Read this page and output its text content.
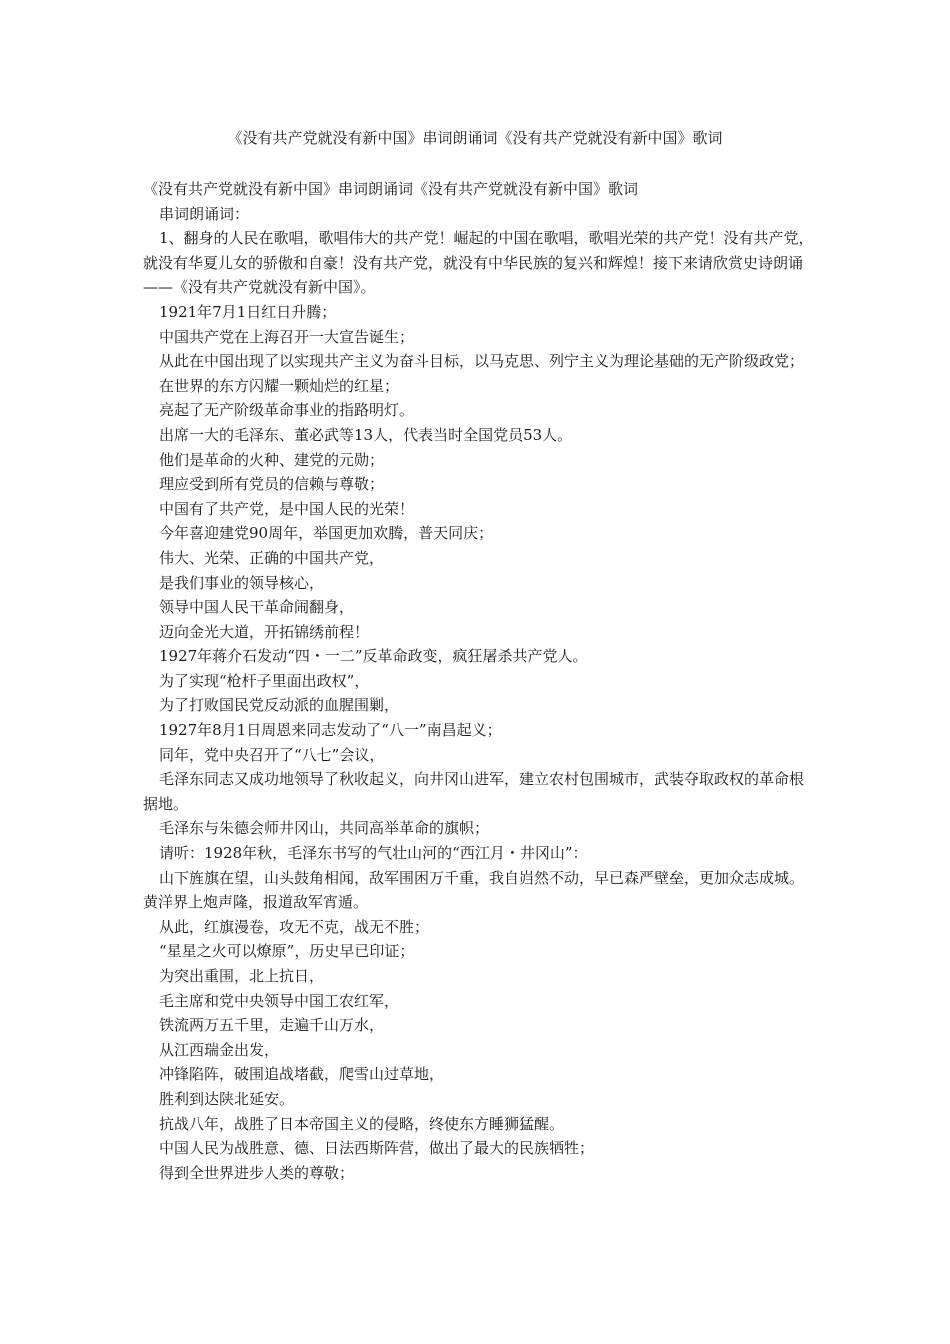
《没有共产党就没有新中国》串词朗诵词《没有共产党就没有新中国》歌词

《没有共产党就没有新中国》串词朗诵词《没有共产党就没有新中国》歌词

串词朗诵词：

1、翻身的人民在歌唱，歌唱伟大的共产党！崛起的中国在歌唱，歌唱光荣的共产党！没有共产党，就没有华夏儿女的骄傲和自豪！没有共产党，就没有中华民族的复兴和辉煌！接下来请欣赏史诗朗诵——《没有共产党就没有新中国》。

1921年7月1日红日升腾；

中国共产党在上海召开一大宣告诞生；

从此在中国出现了以实现共产主义为奋斗目标，以马克思、列宁主义为理论基础的无产阶级政党；

在世界的东方闪耀一颗灿烂的红星；

亮起了无产阶级革命事业的指路明灯。

出席一大的毛泽东、董必武等13人，代表当时全国党员53人。

他们是革命的火种、建党的元勋；

理应受到所有党员的信赖与尊敬；

中国有了共产党，是中国人民的光荣！

今年喜迎建党90周年，举国更加欢腾，普天同庆；

伟大、光荣、正确的中国共产党，

是我们事业的领导核心，

领导中国人民干革命闹翻身，

迈向金光大道，开拓锦绣前程！

1927年蒋介石发动“四・一二”反革命政变，疯狂屠杀共产党人。

为了实现“枪杆子里面出政权”，

为了打败国民党反动派的血腥围剿，

1927年8月1日周恩来同志发动了“八一”南昌起义；

同年，党中央召开了“八七”会议，

毛泽东同志又成功地领导了秋收起义，向井冈山进军，建立农村包围城市，武装夺取政权的革命根据地。

毛泽东与朱德会师井冈山，共同高举革命的旗帜；

请听：1928年秋，毛泽东书写的气壮山河的“西江月・井冈山”：

山下旌旗在望，山头鼓角相闻，敌军围困万千重，我自岿然不动，早已森严壁垒，更加众志成城。黄洋界上炮声隆，报道敌军宵遁。

从此，红旗漫卷，攻无不克，战无不胜；

“星星之火可以燎原”，历史早已印证；

为突出重围，北上抗日，

毛主席和党中央领导中国工农红军，

铁流两万五千里，走遍千山万水，

从江西瑞金出发，

冲锋陷阵，破围追战堵截，爬雪山过草地，

胜利到达陕北延安。

抗战八年，战胜了日本帝国主义的侵略，终使东方睡狮猛醒。

中国人民为战胜意、德、日法西斯阵营，做出了最大的民族牺牲；

得到全世界进步人类的尊敬；
